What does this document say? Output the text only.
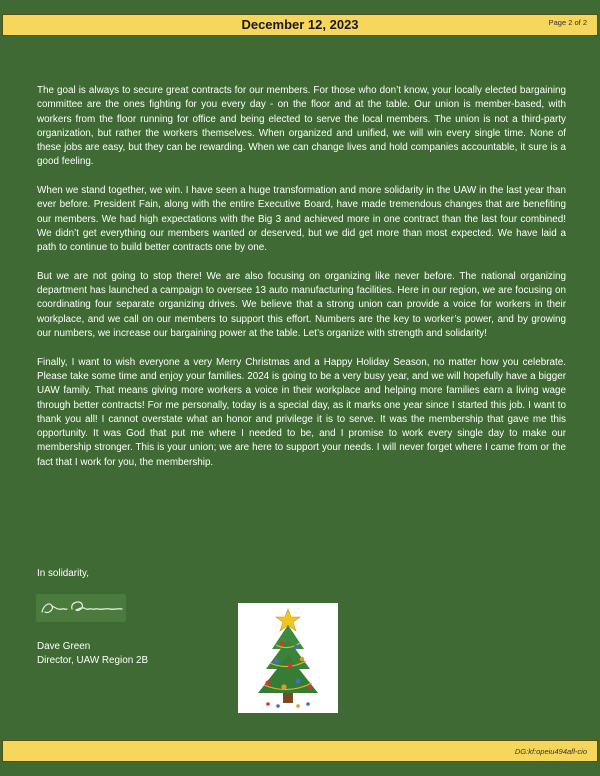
December 12, 2023	Page 2 of 2

The goal is always to secure great contracts for our members. For those who don’t know, your locally elected bargaining committee are the ones fighting for you every day - on the floor and at the table. Our union is member-based, with workers from the floor running for office and being elected to serve the local members. The union is not a third-party organization, but rather the workers themselves. When organized and unified, we will win every single time. None of these jobs are easy, but they can be rewarding. When we can change lives and hold companies accountable, it sure is a good feeling.

When we stand together, we win. I have seen a huge transformation and more solidarity in the UAW in the last year than ever before. President Fain, along with the entire Executive Board, have made tremendous changes that are benefiting our members. We had high expectations with the Big 3 and achieved more in one contract than the last four combined! We didn’t get everything our members wanted or deserved, but we did get more than most expected. We have laid a path to continue to build better contracts one by one.

But we are not going to stop there! We are also focusing on organizing like never before. The national organizing department has launched a campaign to oversee 13 auto manufacturing facilities. Here in our region, we are focusing on coordinating four separate organizing drives. We believe that a strong union can provide a voice for workers in their workplace, and we call on our members to support this effort. Numbers are the key to worker’s power, and by growing our numbers, we increase our bargaining power at the table. Let’s organize with strength and solidarity!

Finally, I want to wish everyone a very Merry Christmas and a Happy Holiday Season, no matter how you celebrate. Please take some time and enjoy your families. 2024 is going to be a very busy year, and we will hopefully have a bigger UAW family. That means giving more workers a voice in their workplace and helping more families earn a living wage through better contracts! For me personally, today is a special day, as it marks one year since I started this job. I want to thank you all! I cannot overstate what an honor and privilege it is to serve. It was the membership that gave me this opportunity. It was God that put me where I needed to be, and I promise to work every single day to make our membership stronger. This is your union; we are here to support your needs. I will never forget where I came from or the fact that I work for you, the membership.

In solidarity,
Dave Green
Director, UAW Region 2B
DG:kf:opeiu494afl-cio
